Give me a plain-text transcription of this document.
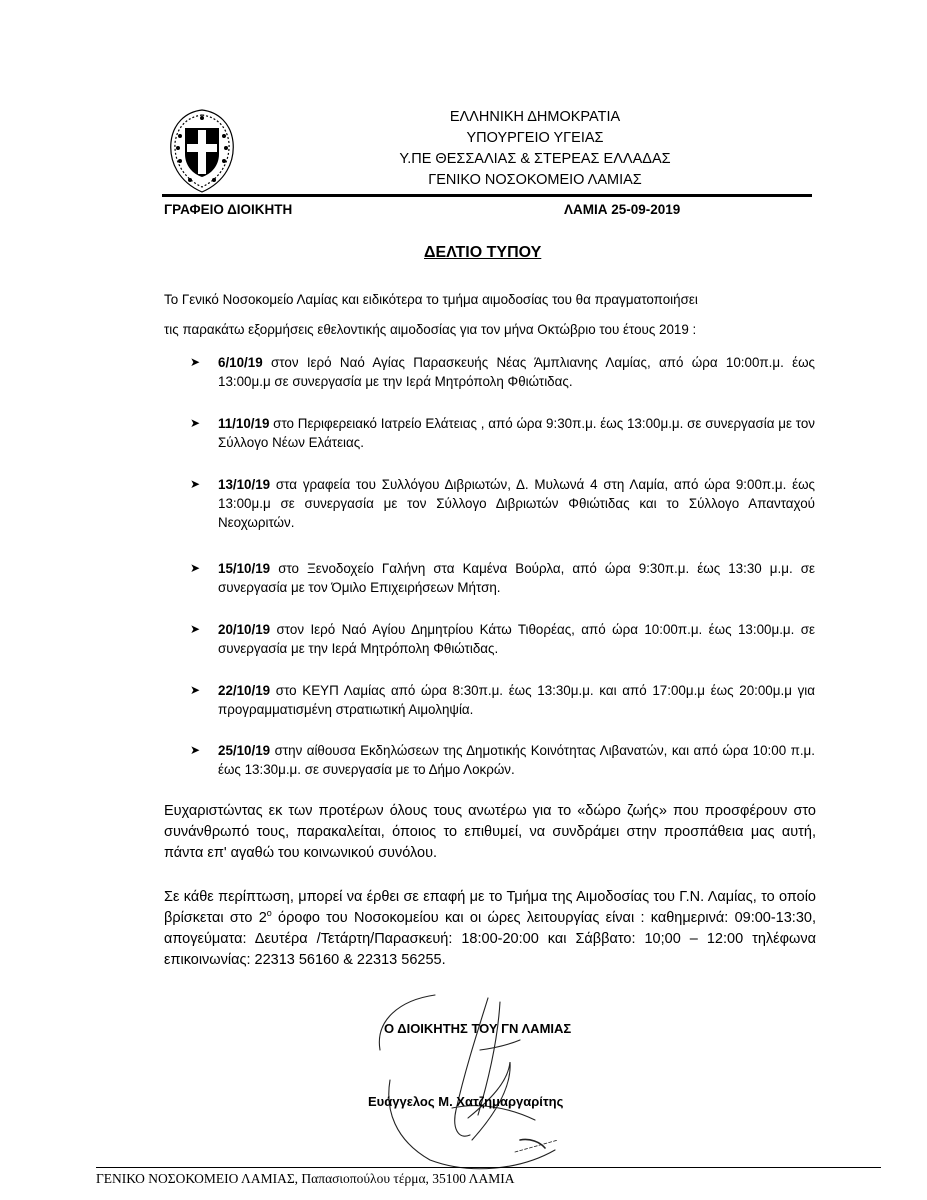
ΕΛΛΗΝΙΚΗ ΔΗΜΟΚΡΑΤΙΑ
ΥΠΟΥΡΓΕΙΟ ΥΓΕΙΑΣ
Υ.ΠΕ ΘΕΣΣΑΛΙΑΣ & ΣΤΕΡΕΑΣ ΕΛΛΑΔΑΣ
ΓΕΝΙΚΟ ΝΟΣΟΚΟΜΕΙΟ ΛΑΜΙΑΣ
ΓΡΑΦΕΙΟ ΔΙΟΙΚΗΤΗ	ΛΑΜΙΑ 25-09-2019
ΔΕΛΤΙΟ ΤΥΠΟΥ
Το Γενικό Νοσοκομείο Λαμίας και ειδικότερα το τμήμα αιμοδοσίας του θα πραγματοποιήσει
τις παρακάτω εξορμήσεις εθελοντικής αιμοδοσίας για τον μήνα Οκτώβριο του έτους 2019 :
➤ 6/10/19 στον Ιερό Ναό Αγίας Παρασκευής Νέας Άμπλιανης Λαμίας, από ώρα 10:00π.μ. έως 13:00μ.μ σε συνεργασία με την Ιερά Μητρόπολη Φθιώτιδας.
➤ 11/10/19 στο Περιφερειακό Ιατρείο Ελάτειας , από ώρα 9:30π.μ. έως 13:00μ.μ. σε συνεργασία με τον Σύλλογο Νέων Ελάτειας.
➤ 13/10/19 στα γραφεία του Συλλόγου Διβριωτών, Δ. Μυλωνά 4 στη Λαμία, από ώρα 9:00π.μ. έως 13:00μ.μ σε συνεργασία με τον Σύλλογο Διβριωτών Φθιώτιδας και το Σύλλογο Απανταχού Νεοχωριτών.
➤ 15/10/19 στο Ξενοδοχείο Γαλήνη στα Καμένα Βούρλα, από ώρα 9:30π.μ. έως 13:30 μ.μ. σε συνεργασία με τον Όμιλο Επιχειρήσεων Μήτση.
➤ 20/10/19 στον Ιερό Ναό Αγίου Δημητρίου Κάτω Τιθορέας, από ώρα 10:00π.μ. έως 13:00μ.μ. σε συνεργασία με την Ιερά Μητρόπολη Φθιώτιδας.
➤ 22/10/19 στο ΚΕΥΠ Λαμίας από ώρα 8:30π.μ. έως 13:30μ.μ. και από 17:00μ.μ έως 20:00μ.μ για προγραμματισμένη στρατιωτική Αιμοληψία.
➤ 25/10/19 στην αίθουσα Εκδηλώσεων της Δημοτικής Κοινότητας Λιβανατών, και από ώρα 10:00 π.μ. έως 13:30μ.μ. σε συνεργασία με το Δήμο Λοκρών.
Ευχαριστώντας εκ των προτέρων όλους τους ανωτέρω για το «δώρο ζωής» που προσφέρουν στο συνάνθρωπό τους, παρακαλείται, όποιος το επιθυμεί, να συνδράμει στην προσπάθεια μας αυτή, πάντα επ' αγαθώ του κοινωνικού συνόλου.
Σε κάθε περίπτωση, μπορεί να έρθει σε επαφή με το Τμήμα της Αιμοδοσίας του Γ.Ν. Λαμίας, το οποίο βρίσκεται στο $2^o$ όροφο του Νοσοκομείου και οι ώρες λειτουργίας είναι : καθημερινά: 09:00-13:30, απογεύματα: Δευτέρα /Τετάρτη/Παρασκευή: 18:00-20:00 και Σάββατο: 10;00 – 12:00 τηλέφωνα επικοινωνίας: 22313 56160 & 22313 56255.
Ο ΔΙΟΙΚΗΤΗΣ ΤΟΥ ΓΝ ΛΑΜΙΑΣ
Ευάγγελος Μ. Χατζημαργαρίτης
ΓΕΝΙΚΟ ΝΟΣΟΚΟΜΕΙΟ ΛΑΜΙΑΣ, Παπασιοπούλου τέρμα, 35100 ΛΑΜΙΑ
